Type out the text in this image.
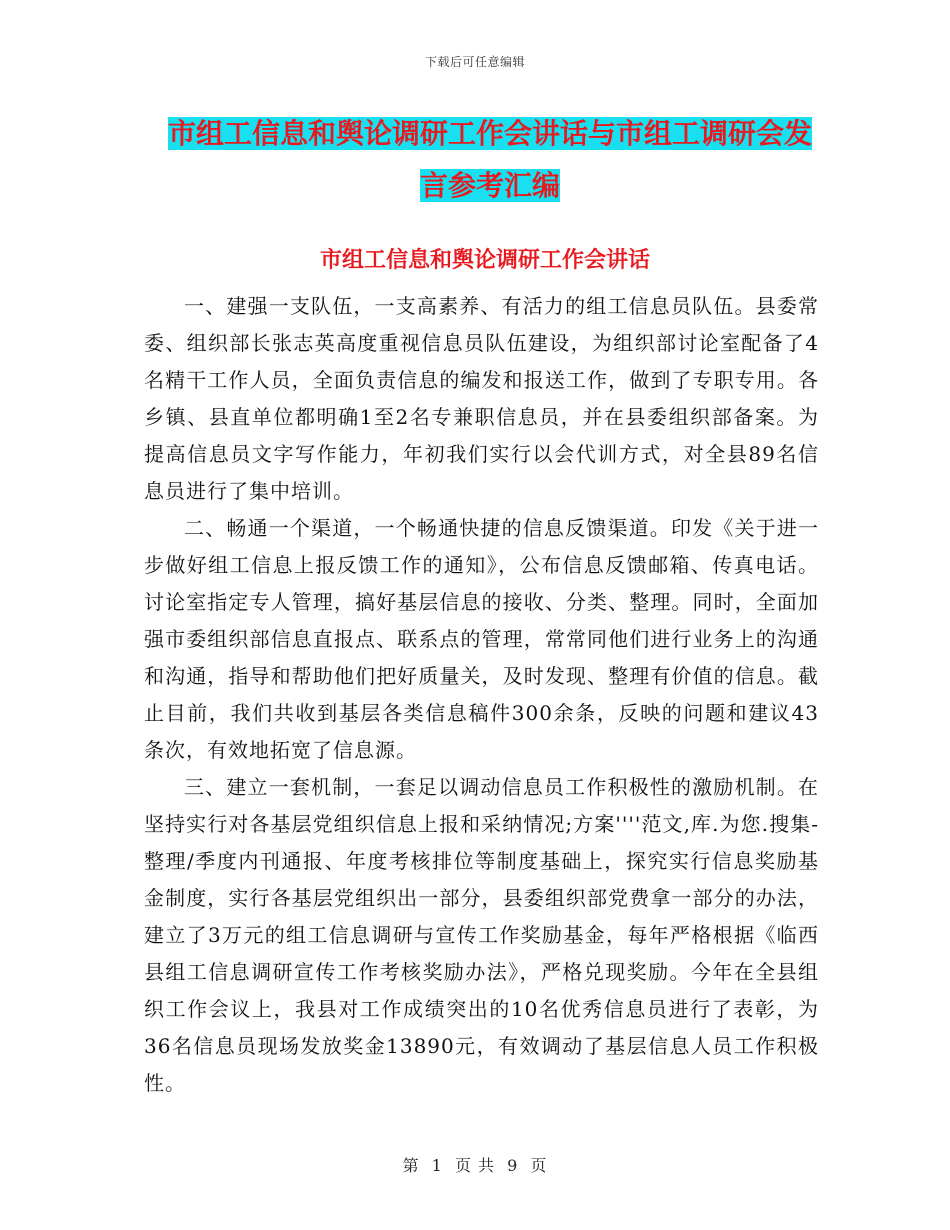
下载后可任意编辑
市组工信息和舆论调研工作会讲话与市组工调研会发
言参考汇编
市组工信息和舆论调研工作会讲话

一、建强一支队伍，一支高素养、有活力的组工信息员队伍。县委常委、组织部长张志英高度重视信息员队伍建设，为组织部讨论室配备了4名精干工作人员，全面负责信息的编发和报送工作，做到了专职专用。各乡镇、县直单位都明确1至2名专兼职信息员，并在县委组织部备案。为提高信息员文字写作能力，年初我们实行以会代训方式，对全县89名信息员进行了集中培训。

二、畅通一个渠道，一个畅通快捷的信息反馈渠道。印发《关于进一步做好组工信息上报反馈工作的通知》，公布信息反馈邮箱、传真电话。讨论室指定专人管理，搞好基层信息的接收、分类、整理。同时，全面加强市委组织部信息直报点、联系点的管理，常常同他们进行业务上的沟通和沟通，指导和帮助他们把好质量关，及时发现、整理有价值的信息。截止目前，我们共收到基层各类信息稿件300余条，反映的问题和建议43条次，有效地拓宽了信息源。

三、建立一套机制，一套足以调动信息员工作积极性的激励机制。在坚持实行对各基层党组织信息上报和采纳情况;方案''''范文,库.为您.搜集-整理/季度内刊通报、年度考核排位等制度基础上，探究实行信息奖励基金制度，实行各基层党组织出一部分，县委组织部党费拿一部分的办法，建立了3万元的组工信息调研与宣传工作奖励基金，每年严格根据《临西县组工信息调研宣传工作考核奖励办法》，严格兑现奖励。今年在全县组织工作会议上，我县对工作成绩突出的10名优秀信息员进行了表彰，为36名信息员现场发放奖金13890元，有效调动了基层信息人员工作积极性。

第 1 页 共 9 页
